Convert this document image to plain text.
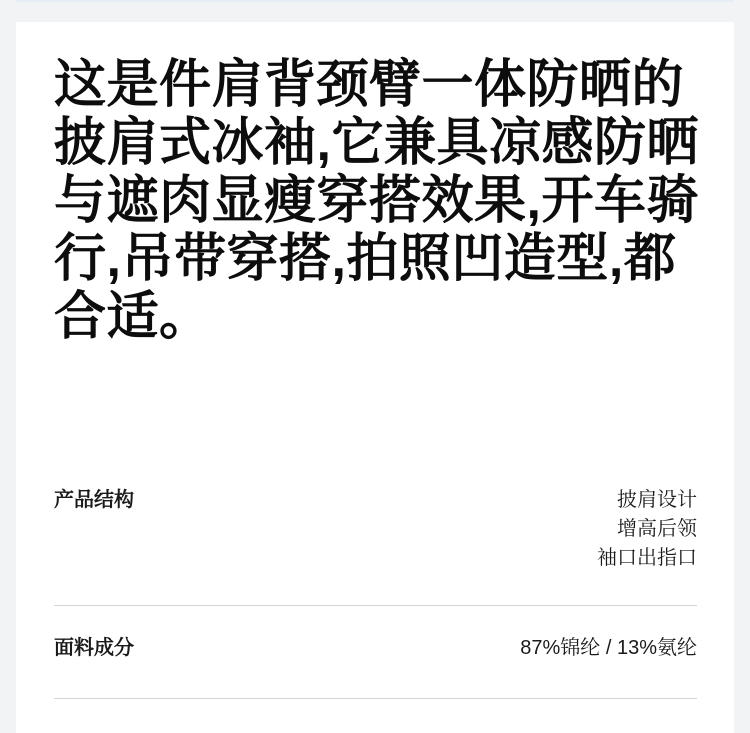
这是件肩背颈臂一体防晒的
披肩式冰袖,它兼具凉感防晒
与遮肉显瘦穿搭效果,开车骑
行,吊带穿搭,拍照凹造型,都
合适。
产品结构	披肩设计
增高后领
袖口出指口
面料成分	87%锦纶 / 13%氨纶
